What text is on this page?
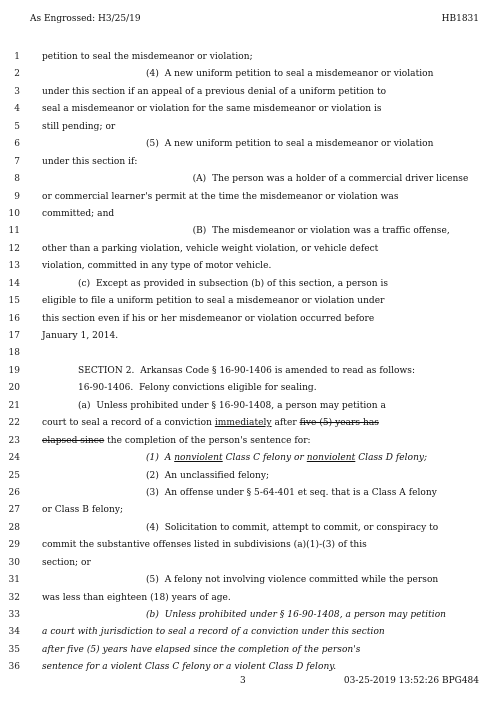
As Engrossed: H3/25/19	HB1831
1 petition to seal the misdemeanor or violation;
2	(4)  A new uniform petition to seal a misdemeanor or violation
3 under this section if an appeal of a previous denial of a uniform petition to
4 seal a misdemeanor or violation for the same misdemeanor or violation is
5 still pending; or
6	(5)  A new uniform petition to seal a misdemeanor or violation
7 under this section if:
8	(A)  The person was a holder of a commercial driver license
9 or commercial learner's permit at the time the misdemeanor or violation was
10 committed; and
11	(B)  The misdemeanor or violation was a traffic offense,
12 other than a parking violation, vehicle weight violation, or vehicle defect
13 violation, committed in any type of motor vehicle.
14	(c)  Except as provided in subsection (b) of this section, a person is
15 eligible to file a uniform petition to seal a misdemeanor or violation under
16 this section even if his or her misdemeanor or violation occurred before
17 January 1, 2014.
18
19	SECTION 2.  Arkansas Code § 16-90-1406 is amended to read as follows:
20	16-90-1406.  Felony convictions eligible for sealing.
21	(a)  Unless prohibited under § 16-90-1408, a person may petition a
22 court to seal a record of a conviction immediately after five (5) years has
23 elapsed since the completion of the person's sentence for:
24	(1)  A nonviolent Class C felony or nonviolent Class D felony;
25	(2)  An unclassified felony;
26	(3)  An offense under § 5-64-401 et seq. that is a Class A felony
27 or Class B felony;
28	(4)  Solicitation to commit, attempt to commit, or conspiracy to
29 commit the substantive offenses listed in subdivisions (a)(1)-(3) of this
30 section; or
31	(5)  A felony not involving violence committed while the person
32 was less than eighteen (18) years of age.
33	(b)  Unless prohibited under § 16-90-1408, a person may petition
34 a court with jurisdiction to seal a record of a conviction under this section
35 after five (5) years have elapsed since the completion of the person's
36 sentence for a violent Class C felony or a violent Class D felony.
3	03-25-2019 13:52:26 BPG484
